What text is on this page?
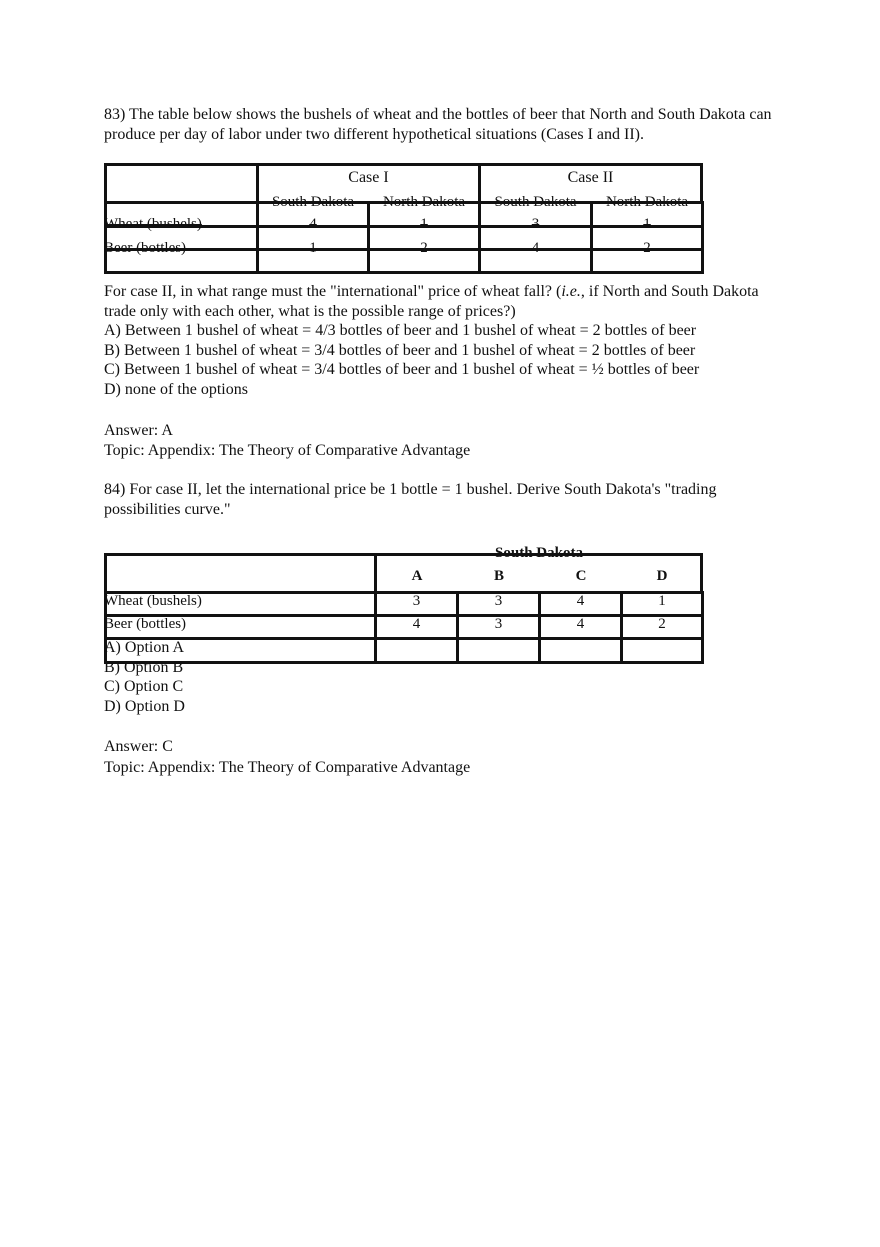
83) The table below shows the bushels of wheat and the bottles of beer that North and South Dakota can produce per day of labor under two different hypothetical situations (Cases I and II).

Case I	Case II
South Dakota	North Dakota	South Dakota	North Dakota
Wheat (bushels)	4	1	3	1
Beer (bottles)	1	2	4	2

For case II, in what range must the "international" price of wheat fall? (i.e., if North and South Dakota trade only with each other, what is the possible range of prices?)

A) Between 1 bushel of wheat = 4/3 bottles of beer and 1 bushel of wheat = 2 bottles of beer
B) Between 1 bushel of wheat = 3/4 bottles of beer and 1 bushel of wheat = 2 bottles of beer
C) Between 1 bushel of wheat = 3/4 bottles of beer and 1 bushel of wheat = ½ bottles of beer
D) none of the options
Answer: A
Topic: Appendix: The Theory of Comparative Advantage

84) For case II, let the international price be 1 bottle = 1 bushel. Derive South Dakota's "trading possibilities curve."

South Dakota
A	B	C	D
Wheat (bushels)	3	3	4	1
Beer (bottles)	4	3	4	2
A) Option A
B) Option B
C) Option C
D) Option D
Answer: C
Topic: Appendix: The Theory of Comparative Advantage
